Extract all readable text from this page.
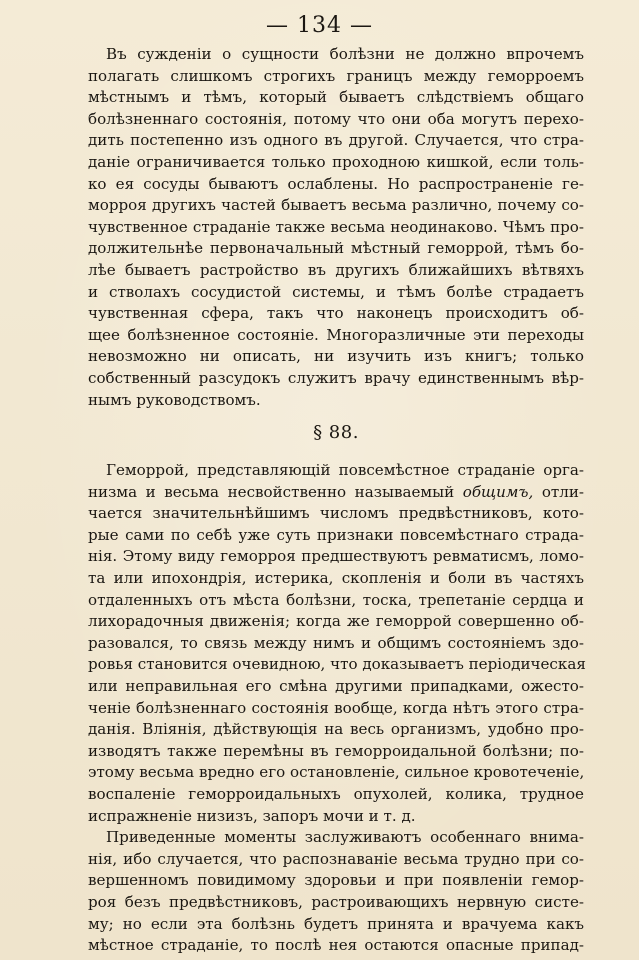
— 134 —
Въ сужденіи о сущности болѣзни не должно впрочемъ
полагать слишкомъ строгихъ границъ между геморроемъ
мѣстнымъ и тѣмъ, который бываетъ слѣдствіемъ общаго
болѣзненнаго состоянія, потому что они оба могутъ перехо-
дить постепенно изъ одного въ другой. Случается, что стра-
даніе ограничивается только проходною кишкой, если толь-
ко ея сосуды бываютъ ослаблены. Но распространеніе ге-
морроя другихъ частей бываетъ весьма различно, почему со-
чувственное страданіе также весьма неодинаково. Чѣмъ про-
должительнѣе первоначальный мѣстный геморрой, тѣмъ бо-
лѣе бываетъ растройство въ другихъ ближайшихъ вѣтвяхъ
и стволахъ сосудистой системы, и тѣмъ болѣе страдаетъ
чувственная сфера, такъ что наконецъ происходитъ об-
щее болѣзненное состояніе. Многоразличные эти переходы
невозможно ни описать, ни изучить изъ книгъ; только
собственный разсудокъ служитъ врачу единственнымъ вѣр-
нымъ руководствомъ.
§ 88.
Геморрой, представляющій повсемѣстное страданіе орга-
низма и весьма несвойственно называемый общимъ, отли-
чается значительнѣйшимъ числомъ предвѣстниковъ, кото-
рые сами по себѣ уже суть признаки повсемѣстнаго страда-
нія. Этому виду геморроя предшествуютъ ревматисмъ, ломо-
та или ипохондрія, истерика, скопленія и боли въ частяхъ
отдаленныхъ отъ мѣста болѣзни, тоска, трепетаніе сердца и
лихорадочныя движенія; когда же геморрой совершенно об-
разовался, то связь между нимъ и общимъ состояніемъ здо-
ровья становится очевидною, что доказываетъ періодическая
или неправильная его смѣна другими припадками, ожесто-
ченіе болѣзненнаго состоянія вообще, когда нѣтъ этого стра-
данія. Вліянія, дѣйствующія на весь организмъ, удобно про-
изводятъ также перемѣны въ геморроидальной болѣзни; по-
этому весьма вредно его остановленіе, сильное кровотеченіе,
воспаленіе геморроидальныхъ опухолей, колика, трудное
испражненіе низизъ, запоръ мочи и т. д.
Приведенные моменты заслуживаютъ особеннаго внима-
нія, ибо случается, что распознаваніе весьма трудно при со-
вершенномъ повидимому здоровьи и при появленіи гемор-
роя безъ предвѣстниковъ, растроивающихъ нервную систе-
му; но если эта болѣзнь будетъ принята и врачуема какъ
мѣстное страданіе, то послѣ нея остаются опасные припад-
